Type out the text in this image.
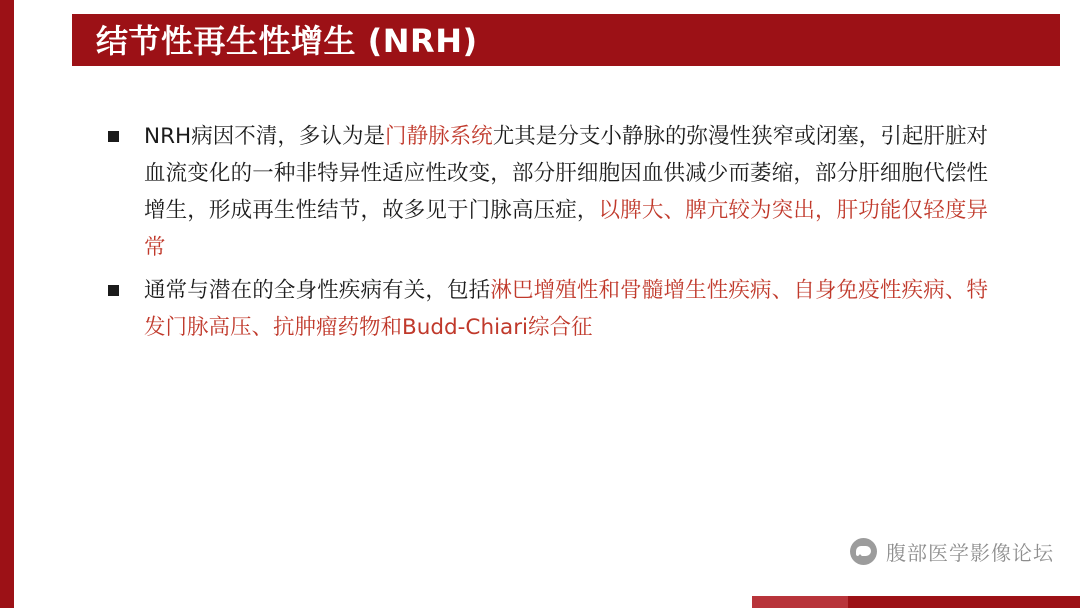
结节性再生性增生 (NRH)
NRH病因不清，多认为是门静脉系统尤其是分支小静脉的弥漫性狭窄或闭塞，引起肝脏对血流变化的一种非特异性适应性改变，部分肝细胞因血供减少而萎缩，部分肝细胞代偿性增生，形成再生性结节，故多见于门脉高压症，以脾大、脾亢较为突出，肝功能仅轻度异常
通常与潜在的全身性疾病有关，包括淋巴增殖性和骨髓增生性疾病、自身免疫性疾病、特发门脉高压、抗肿瘤药物和Budd-Chiari综合征
腹部医学影像论坛
